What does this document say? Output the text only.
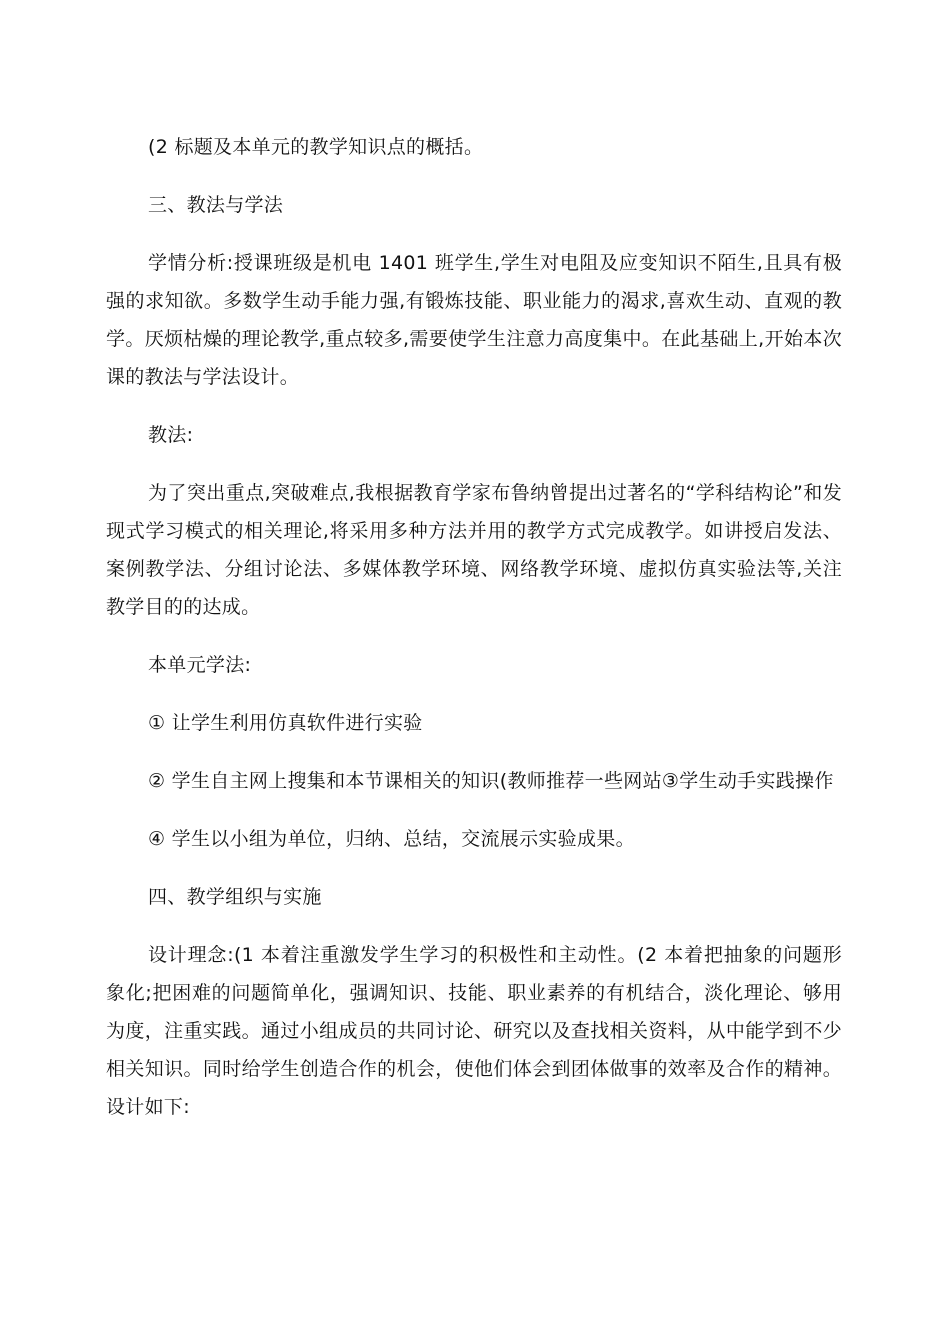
(2 标题及本单元的教学知识点的概括。

三、教法与学法

学情分析:授课班级是机电 1401 班学生,学生对电阻及应变知识不陌生,且具有极强的求知欲。多数学生动手能力强,有锻炼技能、职业能力的渴求,喜欢生动、直观的教学。厌烦枯燥的理论教学,重点较多,需要使学生注意力高度集中。在此基础上,开始本次课的教法与学法设计。

教法:

为了突出重点,突破难点,我根据教育学家布鲁纳曾提出过著名的“学科结构论”和发现式学习模式的相关理论,将采用多种方法并用的教学方式完成教学。如讲授启发法、案例教学法、分组讨论法、多媒体教学环境、网络教学环境、虚拟仿真实验法等,关注教学目的的达成。

本单元学法:

① 让学生利用仿真软件进行实验

② 学生自主网上搜集和本节课相关的知识(教师推荐一些网站③学生动手实践操作

④ 学生以小组为单位，归纳、总结，交流展示实验成果。

四、教学组织与实施

设计理念:(1 本着注重激发学生学习的积极性和主动性。(2 本着把抽象的问题形象化;把困难的问题简单化，强调知识、技能、职业素养的有机结合，淡化理论、够用为度，注重实践。通过小组成员的共同讨论、研究以及查找相关资料，从中能学到不少相关知识。同时给学生创造合作的机会，使他们体会到团体做事的效率及合作的精神。设计如下:
